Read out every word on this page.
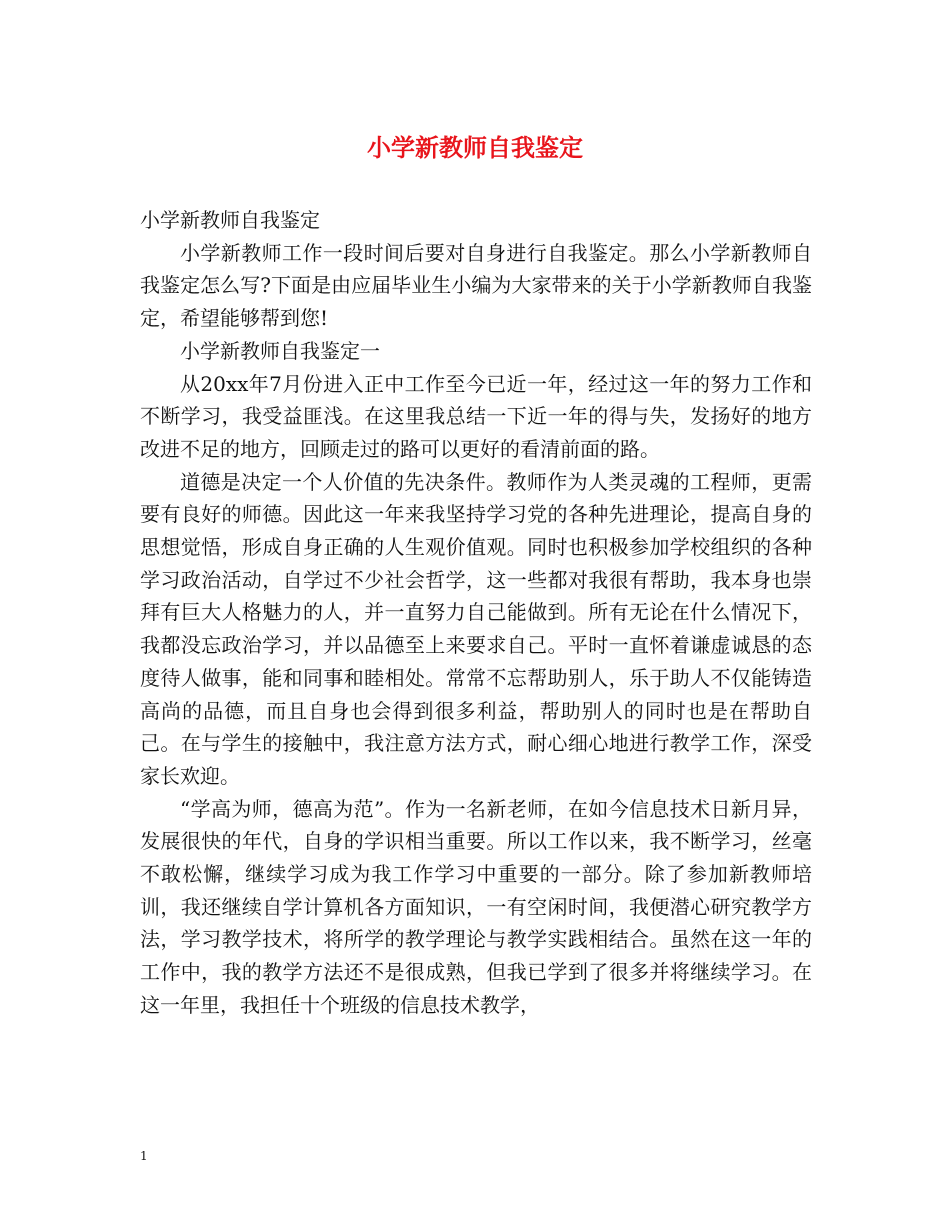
小学新教师自我鉴定

小学新教师自我鉴定

小学新教师工作一段时间后要对自身进行自我鉴定。那么小学新教师自我鉴定怎么写?下面是由应届毕业生小编为大家带来的关于小学新教师自我鉴定，希望能够帮到您!

小学新教师自我鉴定一

从20xx年7月份进入正中工作至今已近一年，经过这一年的努力工作和不断学习，我受益匪浅。在这里我总结一下近一年的得与失，发扬好的地方改进不足的地方，回顾走过的路可以更好的看清前面的路。

道德是决定一个人价值的先决条件。教师作为人类灵魂的工程师，更需要有良好的师德。因此这一年来我坚持学习党的各种先进理论，提高自身的思想觉悟，形成自身正确的人生观价值观。同时也积极参加学校组织的各种学习政治活动，自学过不少社会哲学，这一些都对我很有帮助，我本身也崇拜有巨大人格魅力的人，并一直努力自己能做到。所有无论在什么情况下，我都没忘政治学习，并以品德至上来要求自己。平时一直怀着谦虚诚恳的态度待人做事，能和同事和睦相处。常常不忘帮助别人，乐于助人不仅能铸造高尚的品德，而且自身也会得到很多利益，帮助别人的同时也是在帮助自己。在与学生的接触中，我注意方法方式，耐心细心地进行教学工作，深受家长欢迎。

“学高为师，德高为范”。作为一名新老师，在如今信息技术日新月异，发展很快的年代，自身的学识相当重要。所以工作以来，我不断学习，丝毫不敢松懈，继续学习成为我工作学习中重要的一部分。除了参加新教师培训，我还继续自学计算机各方面知识，一有空闲时间，我便潜心研究教学方法，学习教学技术，将所学的教学理论与教学实践相结合。虽然在这一年的工作中，我的教学方法还不是很成熟，但我已学到了很多并将继续学习。在这一年里，我担任十个班级的信息技术教学，

1
